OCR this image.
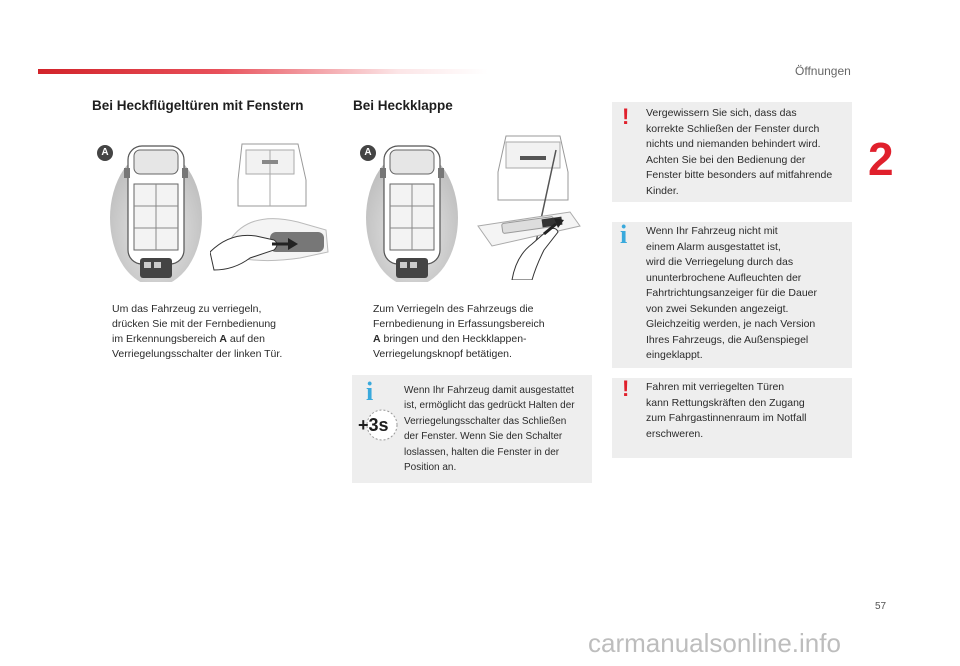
Öffnungen
2
Bei Heckflügeltüren mit Fenstern
A
Um das Fahrzeug zu verriegeln,
drücken Sie mit der Fernbedienung
im Erkennungsbereich A auf den
Verriegelungsschalter der linken Tür.
Bei Heckklappe
A
Zum Verriegeln des Fahrzeugs die
Fernbedienung in Erfassungsbereich
A bringen und den Heckklappen-
Verriegelungsknopf betätigen.
i
+3s
Wenn Ihr Fahrzeug damit ausgestattet
ist, ermöglicht das gedrückt Halten der
Verriegelungsschalter das Schließen
der Fenster. Wenn Sie den Schalter
loslassen, halten die Fenster in der
Position an.
! Vergewissern Sie sich, dass das
korrekte Schließen der Fenster durch
nichts und niemanden behindert wird.
Achten Sie bei den Bedienung der
Fenster bitte besonders auf mitfahrende
Kinder.
i Wenn Ihr Fahrzeug nicht mit
einem Alarm ausgestattet ist,
wird die Verriegelung durch das
ununterbrochene Aufleuchten der
Fahrtrichtungsanzeiger für die Dauer
von zwei Sekunden angezeigt.
Gleichzeitig werden, je nach Version
Ihres Fahrzeugs, die Außenspiegel
eingeklappt.
! Fahren mit verriegelten Türen
kann Rettungskräften den Zugang
zum Fahrgastinnenraum im Notfall
erschweren.
57
carmanualsonline.info
